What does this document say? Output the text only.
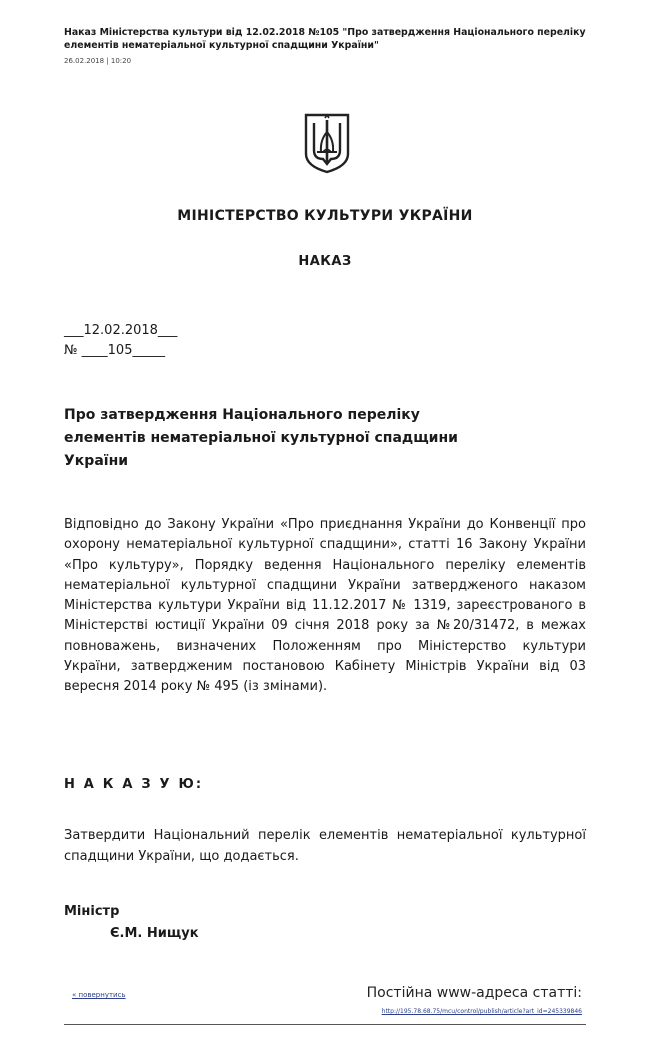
Наказ Міністерства культури від 12.02.2018 №105 "Про затвердження Національного переліку елементів нематеріальної культурної спадщини України"
26.02.2018 | 10:20
МІНІСТЕРСТВО КУЛЬТУРИ УКРАЇНИ
НАКАЗ
___12.02.2018___
№ ____105_____
Про затвердження Національного переліку елементів нематеріальної культурної спадщини України
Відповідно до Закону України «Про приєднання України до Конвенції про охорону нематеріальної культурної спадщини», статті 16 Закону України «Про культуру», Порядку ведення Національного переліку елементів нематеріальної культурної спадщини України затвердженого наказом Міністерства культури України від 11.12.2017 № 1319, зареєстрованого в Міністерстві юстиції України 09 січня 2018 року за №20/31472, в межах повноважень, визначених Положенням про Міністерство культури України, затвердженим постановою Кабінету Міністрів України від 03 вересня 2014 року № 495 (із змінами).
Н А К А З У Ю:
Затвердити Національний перелік елементів нематеріальної культурної спадщини України, що додається.
Міністр
Є.М. Нищук
« повернутись	Постійна www-адреса статті:
http://195.78.68.75/mcu/control/publish/article?art_id=245339846
